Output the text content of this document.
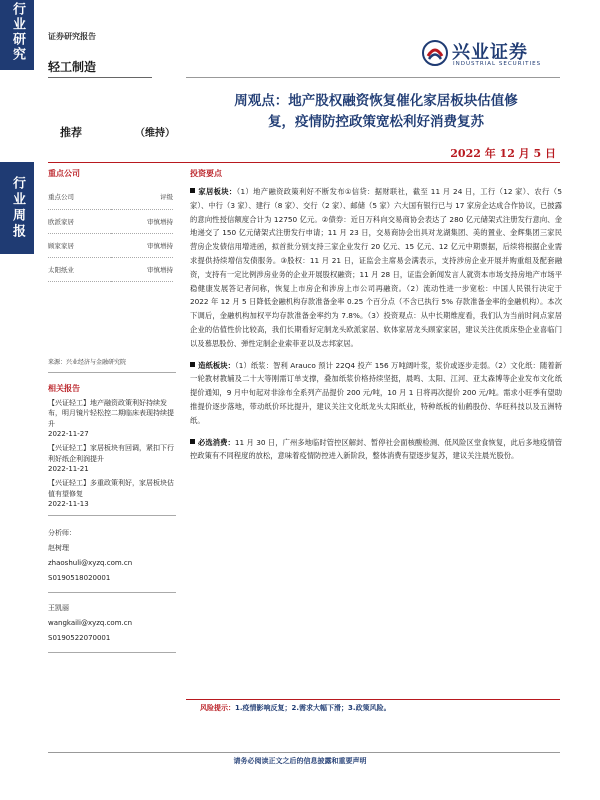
行业研究
行业周报
证券研究报告
轻工制造
兴业证券
INDUSTRIAL SECURITIES
周观点：地产股权融资恢复催化家居板块估值修
复，疫情防控政策宽松利好消费复苏
推荐	（维持）
2022 年 12 月 5 日
重点公司
重点公司	评级
欧派家居	审慎增持
顾家家居	审慎增持
太阳纸业	审慎增持
来源：兴业经济与金融研究院
相关报告
【兴证轻工】地产融资政策利好持续发布，明月镜片轻松控二期临床表现持续提升
2022-11-27
【兴证轻工】家居板块有回调，紧扣下行利好纸企利润提升
2022-11-21
【兴证轻工】多重政策利好，家居板块估值有望修复
2022-11-13
分析师：
赵树理
zhaoshuli@xyzq.com.cn
S0190518020001
王凯丽
wangkaili@xyzq.com.cn
S0190522070001
投资要点
家居板块：（1）地产融资政策利好不断发布①信贷：据财联社，截至 11 月 24 日，工行（12 家）、农行（5 家）、中行（3 家）、建行（8 家）、交行（2 家）、邮储（5 家）六大国有银行已与 17 家房企达成合作协议，已披露的意向性授信额度合计为 12750 亿元。②债券：近日万科向交易商协会表达了 280 亿元储架式注册发行意向、金地递交了 150 亿元储架式注册发行申请；11 月 23 日，交易商协会出具对龙湖集团、美的置业、金辉集团三家民营房企发债信用增进函，拟首批分别支持三家企业发行 20 亿元、15 亿元、12 亿元中期票据，后续将根据企业需求提供持续增信发债服务。③股权：11 月 21 日，证监会主席易会满表示，支持涉房企业开展并购重组及配套融资，支持有一定比例涉房业务的企业开展股权融资；11 月 28 日，证监会新闻发言人就资本市场支持房地产市场平稳健康发展答记者问称，恢复上市房企和涉房上市公司再融资。（2）流动性进一步宽松：中国人民银行决定于 2022 年 12 月 5 日降低金融机构存款准备金率 0.25 个百分点（不含已执行 5% 存款准备金率的金融机构）。本次下调后，金融机构加权平均存款准备金率约为 7.8%。（3）投资观点：从中长期维度看，我们认为当前时间点家居企业的估值性价比较高，我们长期看好定制龙头欧派家居、软体家居龙头顾家家居，建议关注优质床垫企业喜临门以及慕思股份、弹性定制企业索菲亚以及志邦家居。
造纸板块：（1）纸浆：智利 Arauco 预计 22Q4 投产 156 万吨阔叶浆，浆价或逐步走弱。（2）文化纸：随着新一轮教材教辅及二十大等刚需订单支撑，叠加纸浆价格持续坚挺，晨鸣、太阳、江河、亚太森博等企业发布文化纸提价通知，9 月中旬起对非涂布全系列产品提价 200 元/吨，10 月 1 日将再次提价 200 元/吨。需求小旺季有望助推提价逐步落地，带动纸价环比提升，建议关注文化纸龙头太阳纸业，特种纸板的仙鹤股份、华旺科技以及五洲特纸。
必选消费：11 月 30 日，广州多地临时管控区解封、暂停社会面核酸检测、低风险区堂食恢复，此后多地疫情管控政策有不同程度的放松，意味着疫情防控进入新阶段，整体消费有望逐步复苏，建议关注晨光股份。
风险提示：1.疫情影响反复；2.需求大幅下滑；3.政策风险。
请务必阅读正文之后的信息披露和重要声明
